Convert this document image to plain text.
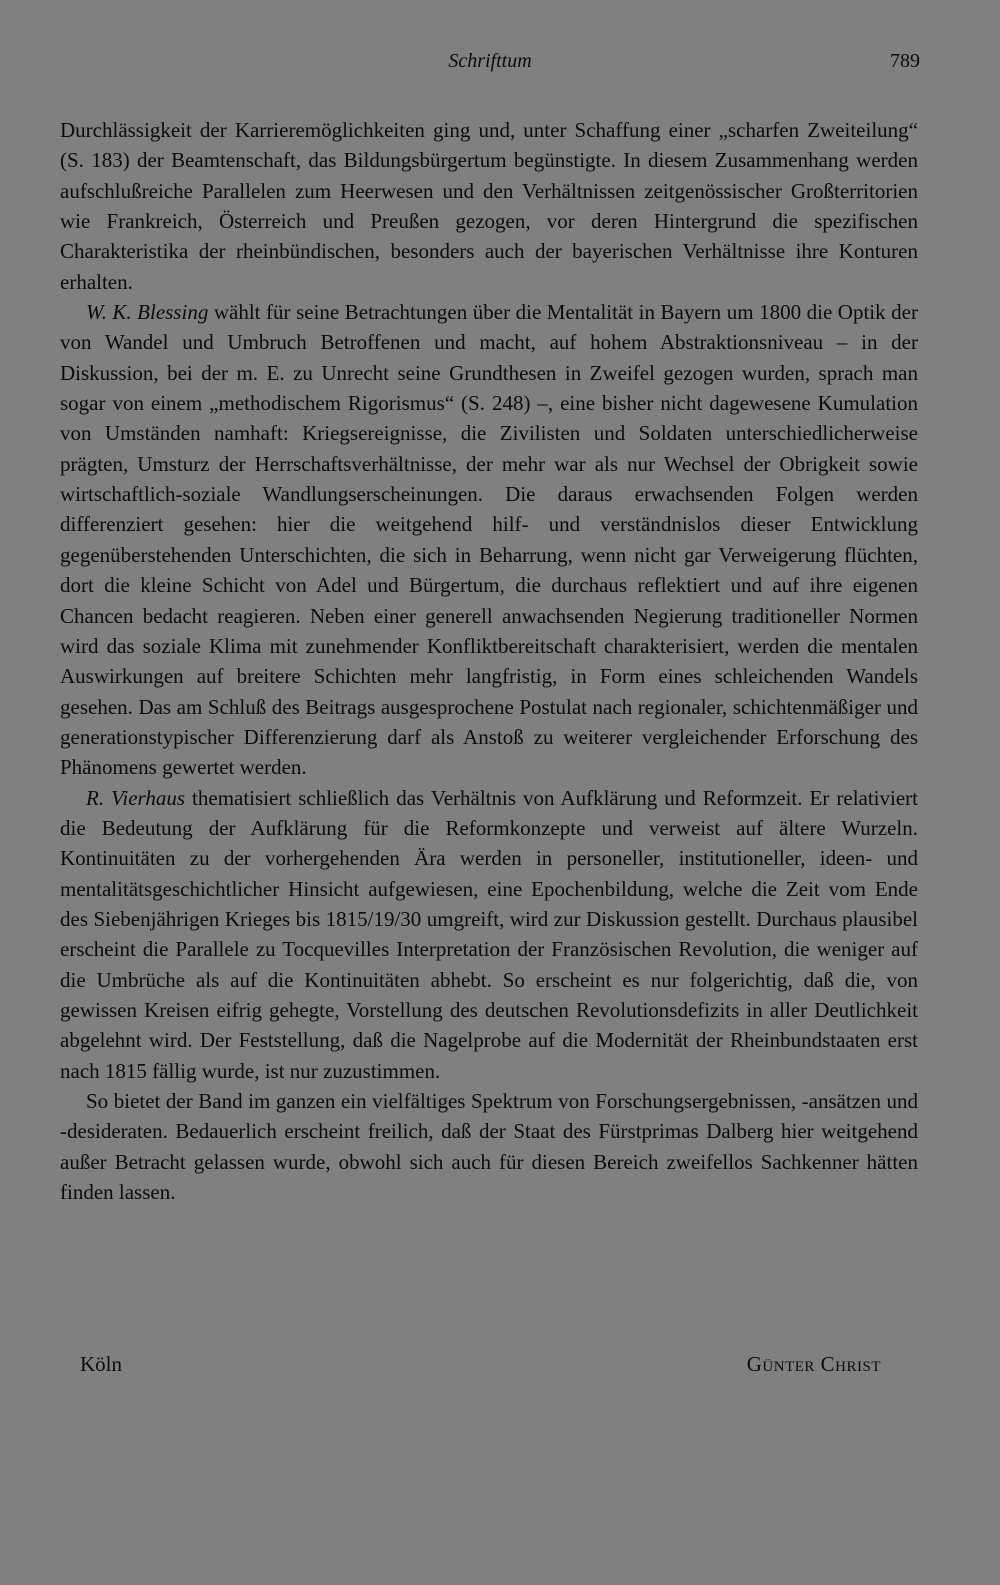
Schrifttum	789

Durchlässigkeit der Karrieremöglichkeiten ging und, unter Schaffung einer „scharfen Zweiteilung“ (S. 183) der Beamtenschaft, das Bildungsbürgertum begünstigte. In diesem Zusammenhang werden aufschlußreiche Parallelen zum Heerwesen und den Verhältnissen zeitgenössischer Großterritorien wie Frankreich, Österreich und Preußen gezogen, vor deren Hintergrund die spezifischen Charakteristika der rheinbündischen, besonders auch der bayerischen Verhältnisse ihre Konturen erhalten.

W. K. Blessing wählt für seine Betrachtungen über die Mentalität in Bayern um 1800 die Optik der von Wandel und Umbruch Betroffenen und macht, auf hohem Abstraktionsniveau – in der Diskussion, bei der m. E. zu Unrecht seine Grundthesen in Zweifel gezogen wurden, sprach man sogar von einem „methodischem Rigorismus“ (S. 248) –, eine bisher nicht dagewesene Kumulation von Umständen namhaft: Kriegsereignisse, die Zivilisten und Soldaten unterschiedlicherweise prägten, Umsturz der Herrschaftsverhältnisse, der mehr war als nur Wechsel der Obrigkeit sowie wirtschaftlich-soziale Wandlungserscheinungen. Die daraus erwachsenden Folgen werden differenziert gesehen: hier die weitgehend hilf- und verständnislos dieser Entwicklung gegenüberstehenden Unterschichten, die sich in Beharrung, wenn nicht gar Verweigerung flüchten, dort die kleine Schicht von Adel und Bürgertum, die durchaus reflektiert und auf ihre eigenen Chancen bedacht reagieren. Neben einer generell anwachsenden Negierung traditioneller Normen wird das soziale Klima mit zunehmender Konfliktbereitschaft charakterisiert, werden die mentalen Auswirkungen auf breitere Schichten mehr langfristig, in Form eines schleichenden Wandels gesehen. Das am Schluß des Beitrags ausgesprochene Postulat nach regionaler, schichtenmäßiger und generationstypischer Differenzierung darf als Anstoß zu weiterer vergleichender Erforschung des Phänomens gewertet werden.

R. Vierhaus thematisiert schließlich das Verhältnis von Aufklärung und Reformzeit. Er relativiert die Bedeutung der Aufklärung für die Reformkonzepte und verweist auf ältere Wurzeln. Kontinuitäten zu der vorhergehenden Ära werden in personeller, institutioneller, ideen- und mentalitätsgeschichtlicher Hinsicht aufgewiesen, eine Epochenbildung, welche die Zeit vom Ende des Siebenjährigen Krieges bis 1815/19/30 umgreift, wird zur Diskussion gestellt. Durchaus plausibel erscheint die Parallele zu Tocquevilles Interpretation der Französischen Revolution, die weniger auf die Umbrüche als auf die Kontinuitäten abhebt. So erscheint es nur folgerichtig, daß die, von gewissen Kreisen eifrig gehegte, Vorstellung des deutschen Revolutionsdefizits in aller Deutlichkeit abgelehnt wird. Der Feststellung, daß die Nagelprobe auf die Modernität der Rheinbundstaaten erst nach 1815 fällig wurde, ist nur zuzustimmen.

So bietet der Band im ganzen ein vielfältiges Spektrum von Forschungsergebnissen, -ansätzen und -desideraten. Bedauerlich erscheint freilich, daß der Staat des Fürstprimas Dalberg hier weitgehend außer Betracht gelassen wurde, obwohl sich auch für diesen Bereich zweifellos Sachkenner hätten finden lassen.

Köln	Günter Christ
